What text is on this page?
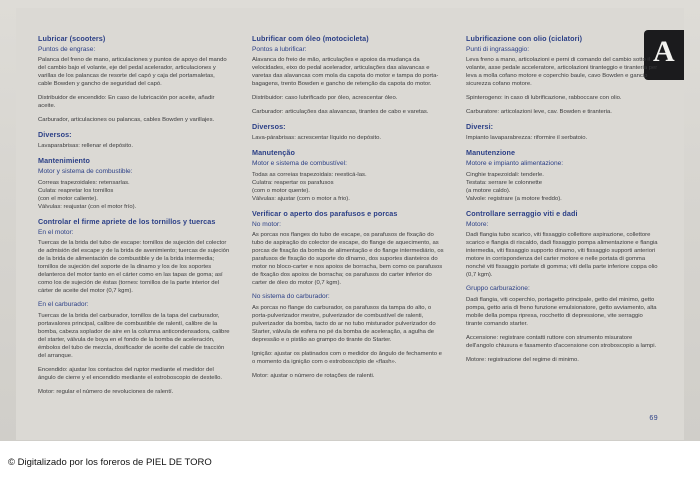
A
Lubricar (scooters)
Puntos de engrase:
Palanca del freno de mano, articulaciones y puntos de apoyo del mando del cambio bajo el volante, eje del pedal acelerador, articulaciones y varillas de los palancas de resorte del capó y caja del portamaletas, cable Bowden y gancho de seguridad del capó.
Distribuidor de encendido: En caso de lubricación por aceite, añadir aceite.
Carburador, articulaciones ou palancas, cables Bowden y varillajes.
Diversos:
Lavaparabrisas: rellenar el depósito.
Mantenimiento
Motor y sistema de combustible:
Correas trapezoidales: retensarlas.
Culata: reapretar los tornillos
(con el motor caliente).
Válvulas: reajustar (con el motor frío).
Controlar el firme apriete de los tornillos y tuercas
En el motor:
Tuercas de la brida del tubo de escape: tornillos de sujeción del colector de admisión del escape y de la brida de avenimiento; tuercas de sujeción de la brida de alimentación de combustible y de la brida intermedia; tornillos de sujeción del soporte de la dinamo y los de los soportes delanteros del motor tanto en el cárter como en las tapas de goma; así como los de sujeción de éstas (tornes: tornillos de la parte interior del cárter de aceite del motor (0,7 kgm).
En el carburador:
Tuercas de la brida del carburador, tornillos de la tapa del carburador, portavalores principal, calibre de combustible de ralentí, calibre de la bomba, cabeza soplador de aire en la columna anticondensadora, calibre del starter, válvula de boya en el fondo de la bomba de aceleración, émbolos del tubo de mezcla, dosificador de aceite del cable de tracción del arranque.
Encendido: ajustar los contactos del ruptor mediante el medidor del ángulo de cierre y el encendido mediante el estroboscopio de destello.
Motor: regular el número de revoluciones de ralentí.
Lubrificar com óleo (motocicleta)
Pontos a lubrificar:
Alavanca do freio de mão, articulações e apoios da mudança da velocidades, eixo do pedal acelerador, articulações das alavancas e varetas das alavancas com mola da capota do motor e tampa do porta-bagagens, trento Bowden e gancho de retenção da capota do motor.
Distribuidor: caso lubrificado por óleo, acrescentar óleo.
Carburador: articulações das alavancas, tirantes de cabo e varetas.
Diversos:
Lava-párabrisas: acrescentar líquido no depósito.
Manutenção
Motor e sistema de combustível:
Todas as correias trapezoidais: reesticá-las.
Culatra: reapertar os parafusos
(com o motor quente).
Válvulas: ajustar (com o motor a frio).
Verificar o aperto dos parafusos e porcas
No motor:
As porcas nos flanges do tubo de escape, os parafusos de fixação do tubo de aspiração do colector de escape, do flange de aquecimento, as porcas de fixação da bomba de alimentação e do flange intermediário, os parafusos de fixação do suporte do dínamo, dos suportes dianteiros do motor no bloco-carter e nos apoios de borracha, bem como os parafusos de fixação dos apoios de borracha; os parafusos do carter inferior do carter de óleo do motor (0,7 kgm).
No sistema do carburador:
As porcas no flange do carburador, os parafusos da tampa do alto, o porta-pulverizador mestre, pulverizador de combustível de ralenti, pulverizador da bomba, tacto do ar no tubo misturador pulverizador do Starter, válvula de esfera no pé da bomba de aceleração, a agulha de depressão e o pistão ao grampo do tirante do Starter.
Ignição: ajustar os platinados com o medidor do ângulo de fechamento e o momento da ignição com o estroboscópio de «flash».
Motor: ajustar o número de rotações de ralenti.
Lubrificazione con olio (ciclatori)
Punti di ingrassaggio:
Leva freno a mano, articolazioni e perni di comando del cambio sotto il volante, asse pedale acceleratore, articolazioni tiranteggio e tiranteria per leva a molla cofano motore e coperchio baule, cavo Bowden e gancio sicurezza cofano motore.
Spinterogeno: in caso di lubrificazione, rabboccare con olio.
Carburatore: articolazioni leve, cav. Bowden e tiranteria.
Diversi:
Impianto lavaparabrezza: riformire il serbatoio.
Manutenzione
Motore e impianto alimentazione:
Cinghie trapezoidali: tenderle.
Testata: serrare le colonnette
(a motore caldo).
Valvole: registrare (a motore freddo).
Controllare serraggio viti e dadi
Motore:
Dadi flangia tubo scarico, viti fissaggio collettore aspirazione, collettore scarico e flangia di riscaldo, dadi fissaggio pompa alimentazione e flangia intermedia, viti fissaggio supporto dinamo, viti fissaggio supporti anteriori motore in corrispondenza del carter motore e nelle portata di gomma nonché viti fissaggio portate di gomma; viti della parte inferiore coppa olio (0,7 kgm).
Gruppo carburazione:
Dadi flangia, viti coperchio, portagetto principale, getto del minimo, getto pompa, getto aria di freno funzione emulsionatore, getto avviamento, alta mobile della pompa ripresa, rocchetto di depressione, vite serraggio tirante comando starter.
Accensione: registrare contatti ruttore con strumento misuratore dell'angolo chiusura e fasamento d'accensione con stroboscopio a lampi.
Motore: registrazione del regime di minimo.
69
© Digitalizado por los foreros de PIEL DE TORO
